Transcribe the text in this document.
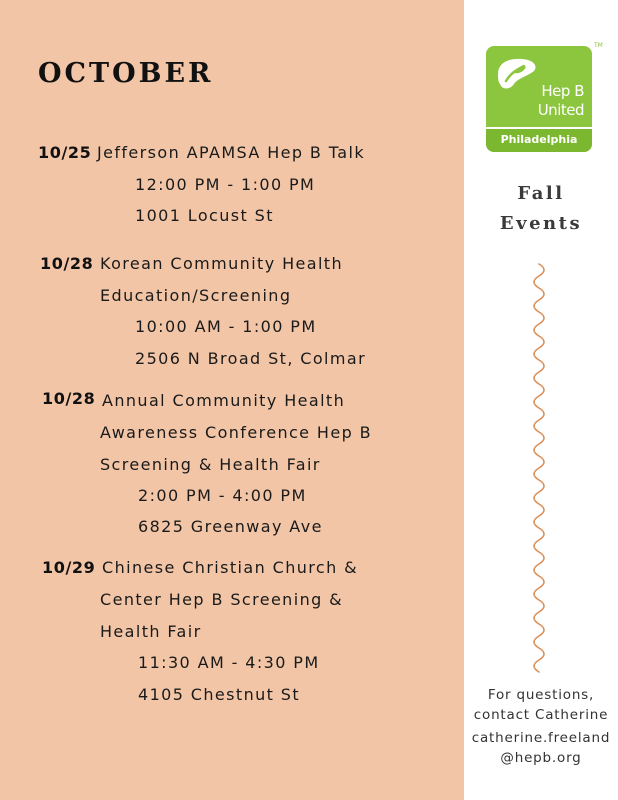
OCTOBER

10/25 Jefferson APAMSA Hep B Talk

12:00 PM - 1:00 PM

1001 Locust St

10/28 Korean Community Health

Education/Screening

10:00 AM - 1:00 PM

2506 N Broad St, Colmar

10/28 Annual Community Health

Awareness Conference Hep B

Screening & Health Fair

2:00 PM - 4:00 PM

6825 Greenway Ave

10/29 Chinese Christian Church &

Center Hep B Screening &

Health Fair

11:30 AM - 4:30 PM

4105 Chestnut St

Hep B

United

Philadelphia

TM

Fall

Events

For questions,

contact Catherine

catherine.freeland

@hepb.org
